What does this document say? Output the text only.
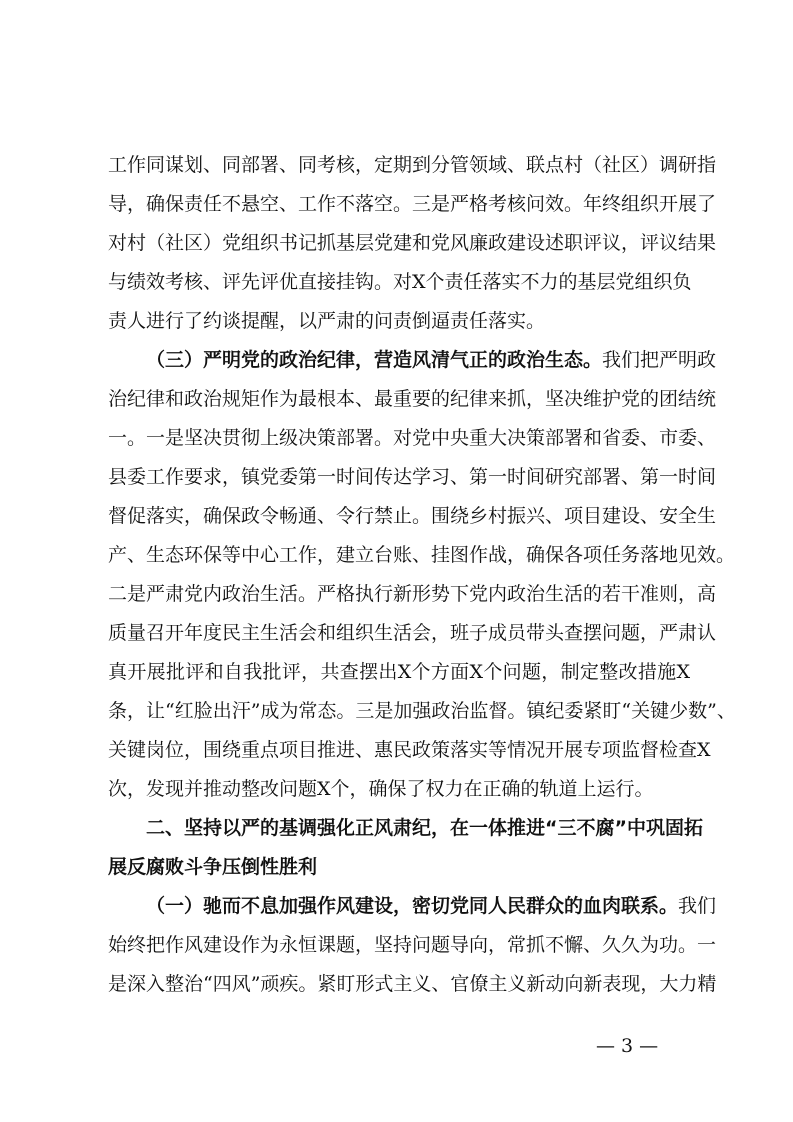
工作同谋划、同部署、同考核，定期到分管领域、联点村（社区）调研指
导，确保责任不悬空、工作不落空。三是严格考核问效。年终组织开展了
对村（社区）党组织书记抓基层党建和党风廉政建设述职评议，评议结果
与绩效考核、评先评优直接挂钩。对X个责任落实不力的基层党组织负
责人进行了约谈提醒，以严肃的问责倒逼责任落实。
（三）严明党的政治纪律，营造风清气正的政治生态。我们把严明政
治纪律和政治规矩作为最根本、最重要的纪律来抓，坚决维护党的团结统
一。一是坚决贯彻上级决策部署。对党中央重大决策部署和省委、市委、
县委工作要求，镇党委第一时间传达学习、第一时间研究部署、第一时间
督促落实，确保政令畅通、令行禁止。围绕乡村振兴、项目建设、安全生
产、生态环保等中心工作，建立台账、挂图作战，确保各项任务落地见效。
二是严肃党内政治生活。严格执行新形势下党内政治生活的若干准则，高
质量召开年度民主生活会和组织生活会，班子成员带头查摆问题，严肃认
真开展批评和自我批评，共查摆出X个方面X个问题，制定整改措施X
条，让“红脸出汗”成为常态。三是加强政治监督。镇纪委紧盯“关键少数”、
关键岗位，围绕重点项目推进、惠民政策落实等情况开展专项监督检查X
次，发现并推动整改问题X个，确保了权力在正确的轨道上运行。
二、坚持以严的基调强化正风肃纪，在一体推进“三不腐”中巩固拓
展反腐败斗争压倒性胜利
（一）驰而不息加强作风建设，密切党同人民群众的血肉联系。我们
始终把作风建设作为永恒课题，坚持问题导向，常抓不懈、久久为功。一
是深入整治“四风”顽疾。紧盯形式主义、官僚主义新动向新表现，大力精
— 3 —
